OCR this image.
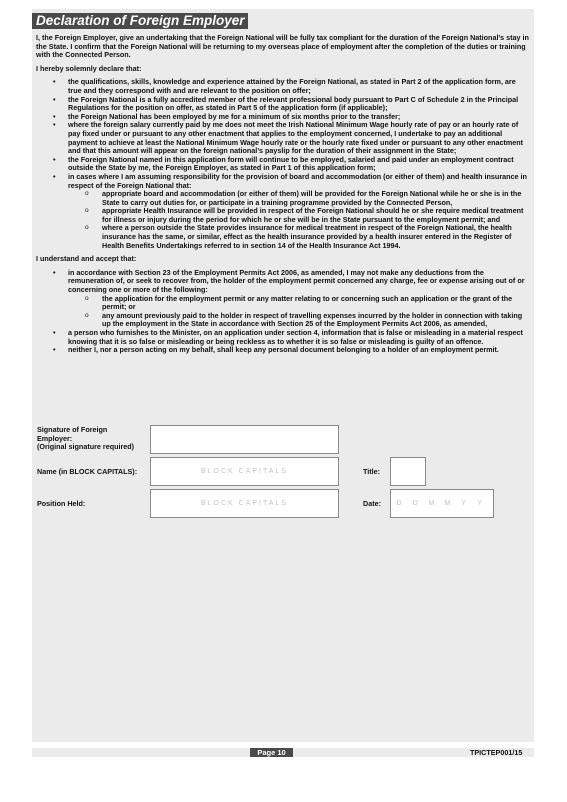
Declaration of Foreign Employer

I, the Foreign Employer, give an undertaking that the Foreign National will be fully tax compliant for the duration of the Foreign National’s stay in the State. I confirm that the Foreign National will be returning to my overseas place of employment after the completion of the duties or training with the Connected Person.

I hereby solemnly declare that:

• the qualifications, skills, knowledge and experience attained by the Foreign National, as stated in Part 2 of the application form, are true and they correspond with and are relevant to the position on offer;
• the Foreign National is a fully accredited member of the relevant professional body pursuant to Part C of Schedule 2 in the Principal Regulations for the position on offer, as stated in Part 5 of the application form (if applicable);
• the Foreign National has been employed by me for a minimum of six months prior to the transfer;
• where the foreign salary currently paid by me does not meet the Irish National Minimum Wage hourly rate of pay or an hourly rate of pay fixed under or pursuant to any other enactment that applies to the employment concerned, I undertake to pay an additional payment to achieve at least the National Minimum Wage hourly rate or the hourly rate fixed under or pursuant to any other enactment and that this amount will appear on the foreign national’s payslip for the duration of their assignment in the State;
• the Foreign National named in this application form will continue to be employed, salaried and paid under an employment contract outside the State by me, the Foreign Employer, as stated in Part 1 of this application form;
• in cases where I am assuming responsibility for the provision of board and accommodation (or either of them) and health insurance in respect of the Foreign National that:
o appropriate board and accommodation (or either of them) will be provided for the Foreign National while he or she is in the State to carry out duties for, or participate in a training programme provided by the Connected Person,
o appropriate Health Insurance will be provided in respect of the Foreign National should he or she require medical treatment for illness or injury during the period for which he or she will be in the State pursuant to the employment permit; and
o where a person outside the State provides insurance for medical treatment in respect of the Foreign National, the health insurance has the same, or similar, effect as the health insurance provided by a health insurer entered in the Register of Health Benefits Undertakings referred to in section 14 of the Health Insurance Act 1994.

I understand and accept that:

• in accordance with Section 23 of the Employment Permits Act 2006, as amended, I may not make any deductions from the remuneration of, or seek to recover from, the holder of the employment permit concerned any charge, fee or expense arising out of or concerning one or more of the following:
o the application for the employment permit or any matter relating to or concerning such an application or the grant of the permit; or
o any amount previously paid to the holder in respect of travelling expenses incurred by the holder in connection with taking up the employment in the State in accordance with Section 25 of the Employment Permits Act 2006, as amended,
• a person who furnishes to the Minister, on an application under section 4, information that is false or misleading in a material respect knowing that it is so false or misleading or being reckless as to whether it is so false or misleading is guilty of an offence.
• neither I, nor a person acting on my behalf, shall keep any personal document belonging to a holder of an employment permit.
Signature of Foreign
Employer:
(Original signature required)
Name (in BLOCK CAPITALS):	BLOCK CAPITALS	Title:
Position Held:	BLOCK CAPITALS	Date:	D	D	M	M	Y	Y
Page 10	TPICTEP001/15
